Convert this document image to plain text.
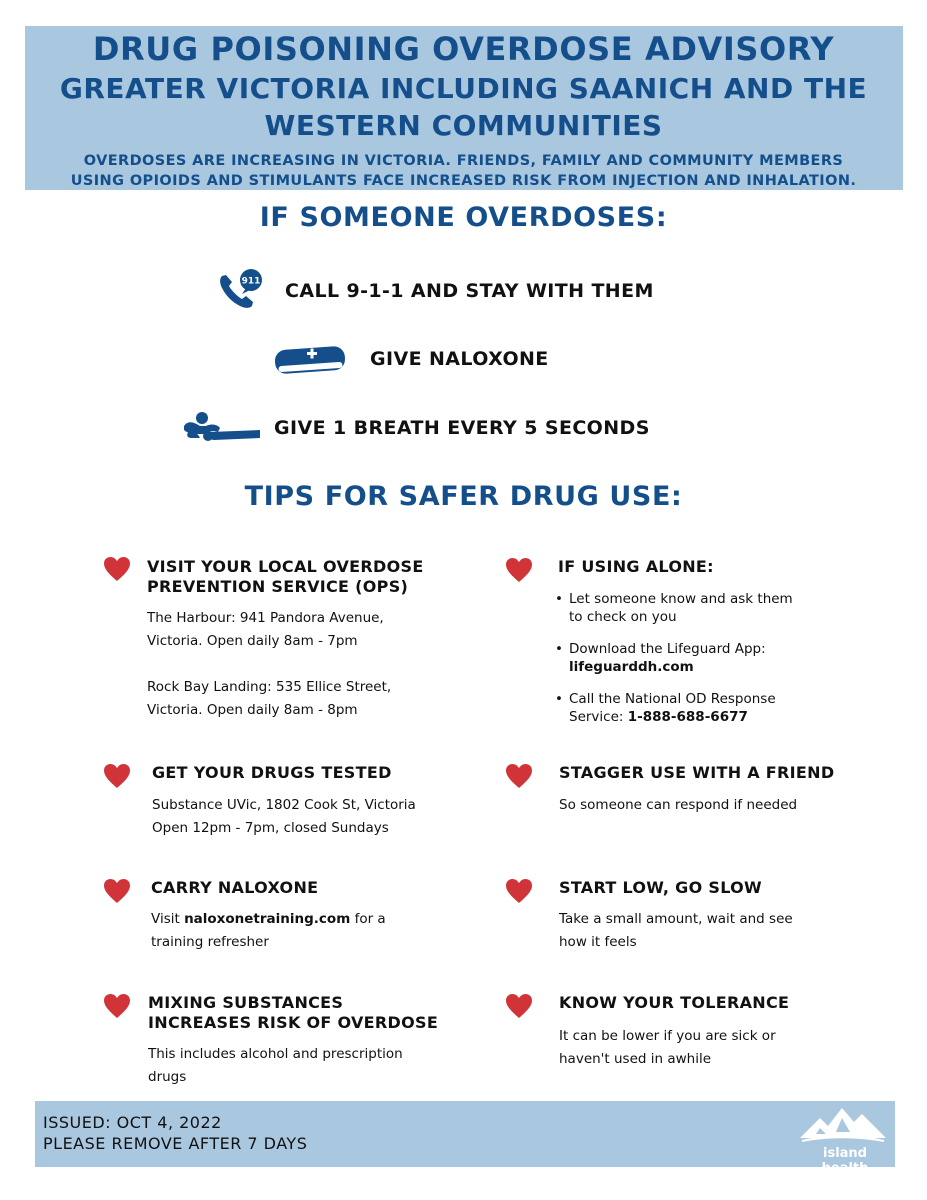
DRUG POISONING OVERDOSE ADVISORY
GREATER VICTORIA INCLUDING SAANICH AND THE
WESTERN COMMUNITIES
OVERDOSES ARE INCREASING IN VICTORIA. FRIENDS, FAMILY AND COMMUNITY MEMBERS
USING OPIOIDS AND STIMULANTS FACE INCREASED RISK FROM INJECTION AND INHALATION.
IF SOMEONE OVERDOSES:
911 CALL 9-1-1 AND STAY WITH THEM
GIVE NALOXONE
GIVE 1 BREATH EVERY 5 SECONDS
TIPS FOR SAFER DRUG USE:
VISIT YOUR LOCAL OVERDOSE
PREVENTION SERVICE (OPS)
The Harbour: 941 Pandora Avenue,
Victoria. Open daily 8am - 7pm
Rock Bay Landing: 535 Ellice Street,
Victoria. Open daily 8am - 8pm
GET YOUR DRUGS TESTED
Substance UVic, 1802 Cook St, Victoria
Open 12pm - 7pm, closed Sundays
CARRY NALOXONE
Visit naloxonetraining.com for a
training refresher
MIXING SUBSTANCES
INCREASES RISK OF OVERDOSE
This includes alcohol and prescription
drugs
IF USING ALONE:
• Let someone know and ask them
to check on you
• Download the Lifeguard App:
lifeguarddh.com
• Call the National OD Response
Service: 1-888-688-6677
STAGGER USE WITH A FRIEND
So someone can respond if needed
START LOW, GO SLOW
Take a small amount, wait and see
how it feels
KNOW YOUR TOLERANCE
It can be lower if you are sick or
haven't used in awhile
ISSUED: OCT 4, 2022
PLEASE REMOVE AFTER 7 DAYS
island health
